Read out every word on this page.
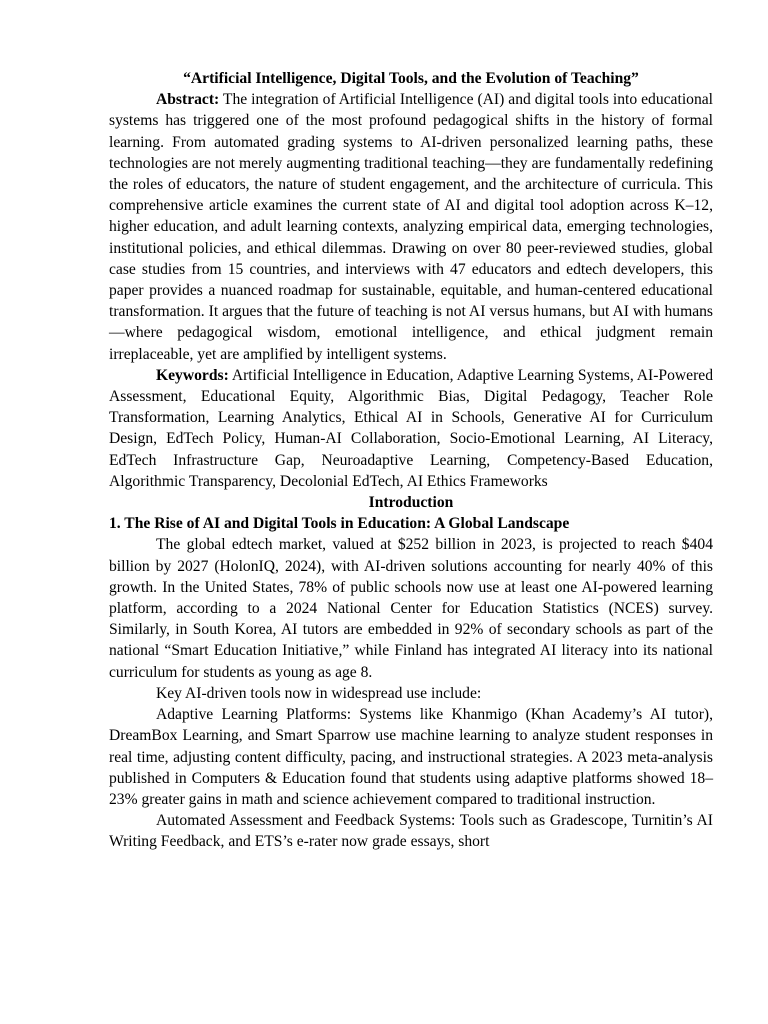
“Artificial Intelligence, Digital Tools, and the Evolution of Teaching”

Abstract: The integration of Artificial Intelligence (AI) and digital tools into educational systems has triggered one of the most profound pedagogical shifts in the history of formal learning. From automated grading systems to AI-driven personalized learning paths, these technologies are not merely augmenting traditional teaching—they are fundamentally redefining the roles of educators, the nature of student engagement, and the architecture of curricula. This comprehensive article examines the current state of AI and digital tool adoption across K–12, higher education, and adult learning contexts, analyzing empirical data, emerging technologies, institutional policies, and ethical dilemmas. Drawing on over 80 peer-reviewed studies, global case studies from 15 countries, and interviews with 47 educators and edtech developers, this paper provides a nuanced roadmap for sustainable, equitable, and human-centered educational transformation. It argues that the future of teaching is not AI versus humans, but AI with humans—where pedagogical wisdom, emotional intelligence, and ethical judgment remain irreplaceable, yet are amplified by intelligent systems.

Keywords: Artificial Intelligence in Education, Adaptive Learning Systems, AI-Powered Assessment, Educational Equity, Algorithmic Bias, Digital Pedagogy, Teacher Role Transformation, Learning Analytics, Ethical AI in Schools, Generative AI for Curriculum Design, EdTech Policy, Human-AI Collaboration, Socio-Emotional Learning, AI Literacy, EdTech Infrastructure Gap, Neuroadaptive Learning, Competency-Based Education, Algorithmic Transparency, Decolonial EdTech, AI Ethics Frameworks

Introduction

1. The Rise of AI and Digital Tools in Education: A Global Landscape

The global edtech market, valued at $252 billion in 2023, is projected to reach $404 billion by 2027 (HolonIQ, 2024), with AI-driven solutions accounting for nearly 40% of this growth. In the United States, 78% of public schools now use at least one AI-powered learning platform, according to a 2024 National Center for Education Statistics (NCES) survey. Similarly, in South Korea, AI tutors are embedded in 92% of secondary schools as part of the national “Smart Education Initiative,” while Finland has integrated AI literacy into its national curriculum for students as young as age 8.

Key AI-driven tools now in widespread use include:

Adaptive Learning Platforms: Systems like Khanmigo (Khan Academy’s AI tutor), DreamBox Learning, and Smart Sparrow use machine learning to analyze student responses in real time, adjusting content difficulty, pacing, and instructional strategies. A 2023 meta-analysis published in Computers & Education found that students using adaptive platforms showed 18–23% greater gains in math and science achievement compared to traditional instruction.

Automated Assessment and Feedback Systems: Tools such as Gradescope, Turnitin’s AI Writing Feedback, and ETS’s e-rater now grade essays, short
